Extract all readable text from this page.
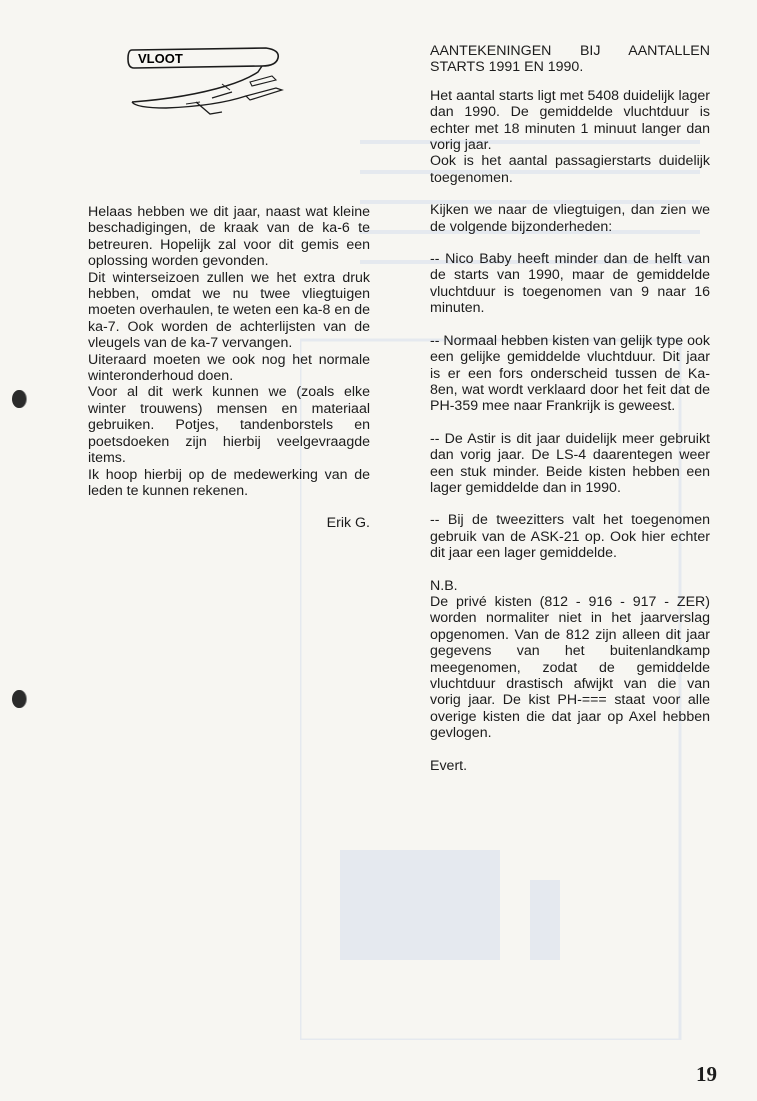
VLOOT

Helaas hebben we dit jaar, naast wat kleine beschadigingen, de kraak van de ka-6 te betreuren. Hopelijk zal voor dit gemis een oplossing worden gevonden.

Dit winterseizoen zullen we het extra druk hebben, omdat we nu twee vliegtuigen moeten overhaulen, te weten een ka-8 en de ka-7. Ook worden de achterlijsten van de vleugels van de ka-7 vervangen.

Uiteraard moeten we ook nog het normale winteronderhoud doen.

Voor al dit werk kunnen we (zoals elke winter trouwens) mensen en materiaal gebruiken. Potjes, tandenborstels en poetsdoeken zijn hierbij veelgevraagde items.

Ik hoop hierbij op de medewerking van de leden te kunnen rekenen.

Erik G.

AANTEKENINGEN BIJ AANTALLEN

STARTS 1991 EN 1990.

Het aantal starts ligt met 5408 duidelijk lager dan 1990. De gemiddelde vluchtduur is echter met 18 minuten 1 minuut langer dan vorig jaar.

Ook is het aantal passagierstarts duidelijk toegenomen.

Kijken we naar de vliegtuigen, dan zien we de volgende bijzonderheden:

-- Nico Baby heeft minder dan de helft van de starts van 1990, maar de gemiddelde vluchtduur is toegenomen van 9 naar 16 minuten.

-- Normaal hebben kisten van gelijk type ook een gelijke gemiddelde vluchtduur. Dit jaar is er een fors onderscheid tussen de Ka-8en, wat wordt verklaard door het feit dat de PH-359 mee naar Frankrijk is geweest.

-- De Astir is dit jaar duidelijk meer gebruikt dan vorig jaar. De LS-4 daarentegen weer een stuk minder. Beide kisten hebben een lager gemiddelde dan in 1990.

-- Bij de tweezitters valt het toegenomen gebruik van de ASK-21 op. Ook hier echter dit jaar een lager gemiddelde.

N.B.

De privé kisten (812 - 916 - 917 - ZER) worden normaliter niet in het jaarverslag opgenomen. Van de 812 zijn alleen dit jaar gegevens van het buitenlandkamp meegenomen, zodat de gemiddelde vluchtduur drastisch afwijkt van die van vorig jaar. De kist PH-=== staat voor alle overige kisten die dat jaar op Axel hebben gevlogen.

Evert.

19
